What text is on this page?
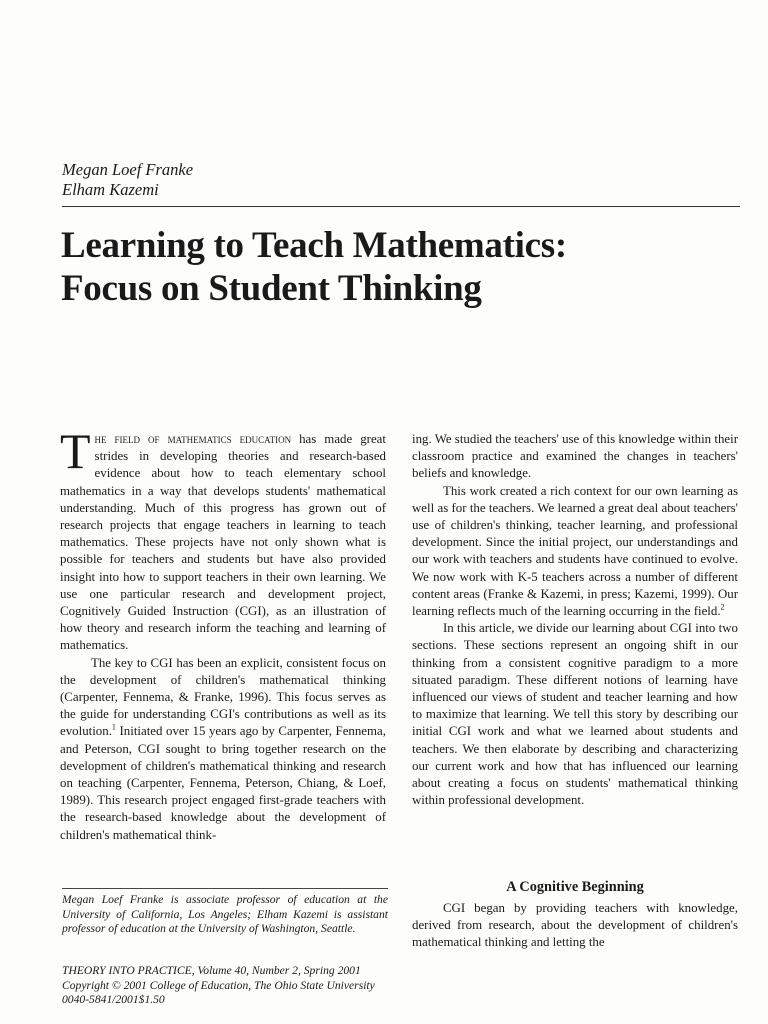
Megan Loef Franke
Elham Kazemi
Learning to Teach Mathematics:
Focus on Student Thinking

The field of mathematics education has made great strides in developing theories and research-based evidence about how to teach elementary school mathematics in a way that develops students' mathematical understanding. Much of this progress has grown out of research projects that engage teachers in learning to teach mathematics. These projects have not only shown what is possible for teachers and students but have also provided insight into how to support teachers in their own learning. We use one particular research and development project, Cognitively Guided Instruction (CGI), as an illustration of how theory and research inform the teaching and learning of mathematics.

The key to CGI has been an explicit, consistent focus on the development of children's mathematical thinking (Carpenter, Fennema, & Franke, 1996). This focus serves as the guide for understanding CGI's contributions as well as its evolution.$^1$ Initiated over 15 years ago by Carpenter, Fennema, and Peterson, CGI sought to bring together research on the development of children's mathematical thinking and research on teaching (Carpenter, Fennema, Peterson, Chiang, & Loef, 1989). This research project engaged first-grade teachers with the research-based knowledge about the development of children's mathematical think-

Megan Loef Franke is associate professor of education at the University of California, Los Angeles; Elham Kazemi is assistant professor of education at the University of Washington, Seattle.

ing. We studied the teachers' use of this knowledge within their classroom practice and examined the changes in teachers' beliefs and knowledge.

This work created a rich context for our own learning as well as for the teachers. We learned a great deal about teachers' use of children's thinking, teacher learning, and professional development. Since the initial project, our understandings and our work with teachers and students have continued to evolve. We now work with K-5 teachers across a number of different content areas (Franke & Kazemi, in press; Kazemi, 1999). Our learning reflects much of the learning occurring in the field.$^2$

In this article, we divide our learning about CGI into two sections. These sections represent an ongoing shift in our thinking from a consistent cognitive paradigm to a more situated paradigm. These different notions of learning have influenced our views of student and teacher learning and how to maximize that learning. We tell this story by describing our initial CGI work and what we learned about students and teachers. We then elaborate by describing and characterizing our current work and how that has influenced our learning about creating a focus on students' mathematical thinking within professional development.

A Cognitive Beginning

CGI began by providing teachers with knowledge, derived from research, about the development of children's mathematical thinking and letting the

THEORY INTO PRACTICE, Volume 40, Number 2, Spring 2001
Copyright © 2001 College of Education, The Ohio State University
0040-5841/2001$1.50
